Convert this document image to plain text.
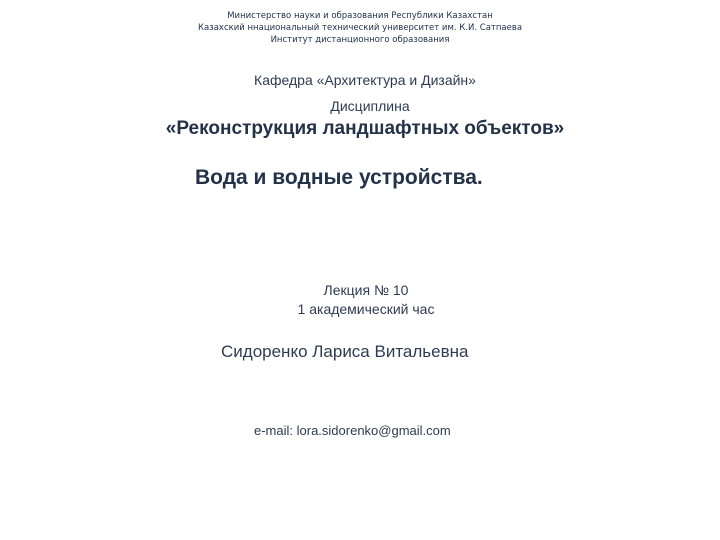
Министерство науки и образования Республики Казахстан
Казахский ннациональный технический университет им. К.И. Сатпаева
Институт дистанционного образования
Кафедра «Архитектура и Дизайн»
Дисциплина
«Реконструкция ландшафтных объектов»
Вода и водные устройства.
Лекция № 10
1 академический час
Сидоренко Лариса Витальевна
e-mail: lora.sidorenko@gmail.com
